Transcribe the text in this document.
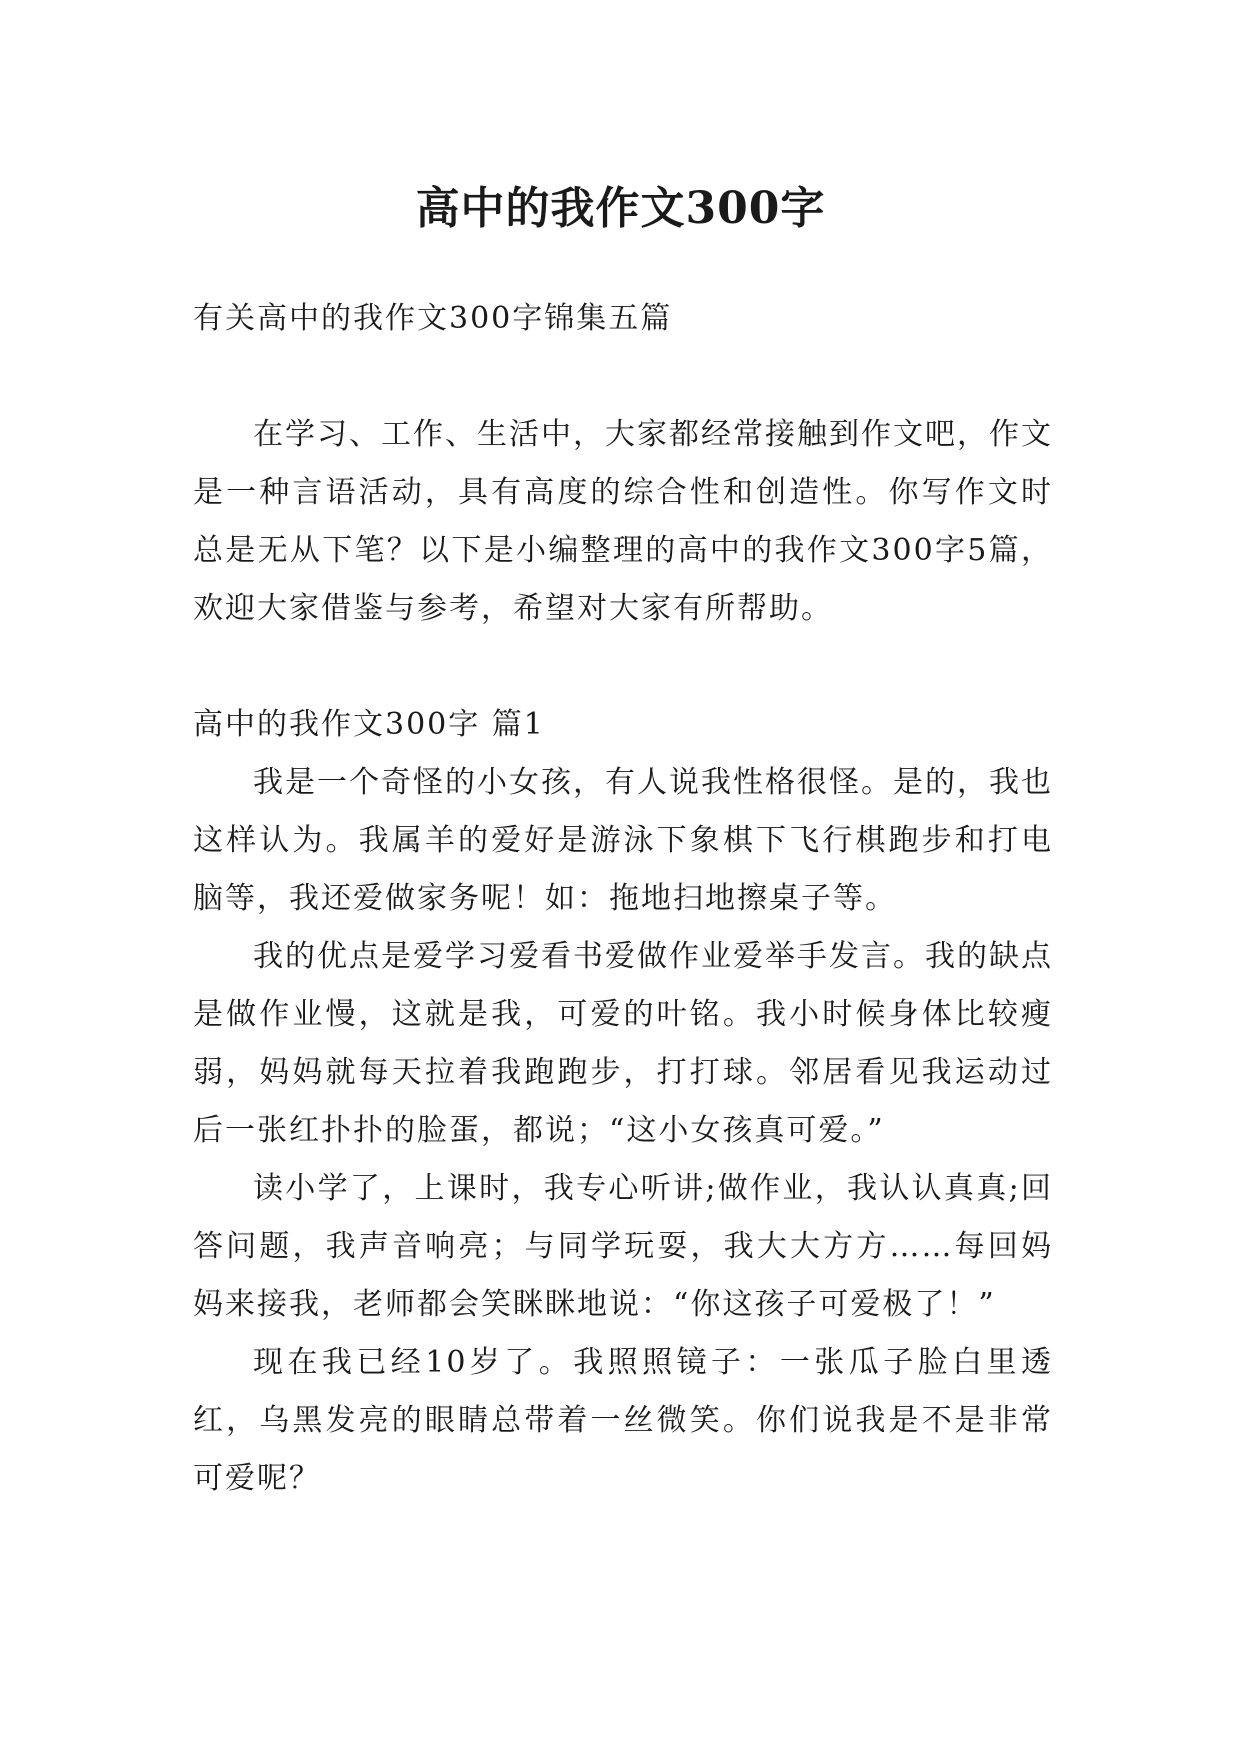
高中的我作文300字

有关高中的我作文300字锦集五篇

在学习、工作、生活中，大家都经常接触到作文吧，作文是一种言语活动，具有高度的综合性和创造性。你写作文时总是无从下笔？以下是小编整理的高中的我作文300字5篇，欢迎大家借鉴与参考，希望对大家有所帮助。

高中的我作文300字 篇1

我是一个奇怪的小女孩，有人说我性格很怪。是的，我也这样认为。我属羊的爱好是游泳下象棋下飞行棋跑步和打电脑等，我还爱做家务呢！如：拖地扫地擦桌子等。

我的优点是爱学习爱看书爱做作业爱举手发言。我的缺点是做作业慢，这就是我，可爱的叶铭。我小时候身体比较瘦弱，妈妈就每天拉着我跑跑步，打打球。邻居看见我运动过后一张红扑扑的脸蛋，都说；“这小女孩真可爱。”

读小学了，上课时，我专心听讲;做作业，我认认真真;回答问题，我声音响亮；与同学玩耍，我大大方方……每回妈妈来接我，老师都会笑眯眯地说：“你这孩子可爱极了！”

现在我已经10岁了。我照照镜子：一张瓜子脸白里透红，乌黑发亮的眼睛总带着一丝微笑。你们说我是不是非常可爱呢？
